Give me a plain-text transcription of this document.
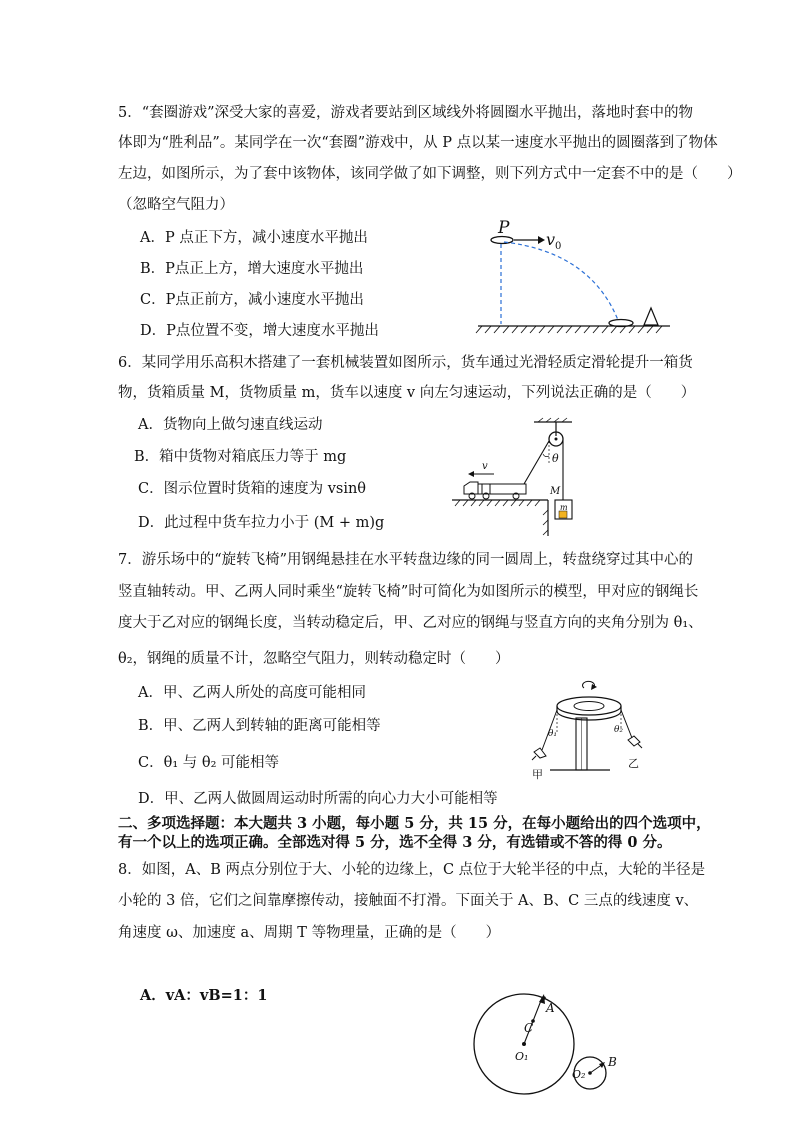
5．“套圈游戏”深受大家的喜爱，游戏者要站到区域线外将圆圈水平抛出，落地时套中的物
体即为“胜利品”。某同学在一次“套圈”游戏中，从 P 点以某一速度水平抛出的圆圈落到了物体
左边，如图所示，为了套中该物体，该同学做了如下调整，则下列方式中一定套不中的是（　　）
（忽略空气阻力）
A．P 点正下方，减小速度水平抛出
B．P点正上方，增大速度水平抛出
C．P点正前方，减小速度水平抛出
D．P点位置不变，增大速度水平抛出
P
$v_0$
6．某同学用乐高积木搭建了一套机械装置如图所示，货车通过光滑轻质定滑轮提升一箱货
物，货箱质量 M，货物质量 m，货车以速度 v 向左匀速运动，下列说法正确的是（　　）
A．货物向上做匀速直线运动
B．箱中货物对箱底压力等于 mg
C．图示位置时货箱的速度为 vsinθ
D．此过程中货车拉力小于 (M + m)g
θ
v
M
m
7．游乐场中的“旋转飞椅”用钢绳悬挂在水平转盘边缘的同一圆周上，转盘绕穿过其中心的
竖直轴转动。甲、乙两人同时乘坐“旋转飞椅”时可简化为如图所示的模型，甲对应的钢绳长
度大于乙对应的钢绳长度，当转动稳定后，甲、乙对应的钢绳与竖直方向的夹角分别为 θ₁、
θ₂，钢绳的质量不计，忽略空气阻力，则转动稳定时（　　）
A．甲、乙两人所处的高度可能相同
B．甲、乙两人到转轴的距离可能相等
C．θ₁ 与 θ₂ 可能相等
D．甲、乙两人做圆周运动时所需的向心力大小可能相等
θ₁
甲
θ₂
乙
二、多项选择题：本大题共 3 小题，每小题 5 分，共 15 分，在每小题给出的四个选项中，
有一个以上的选项正确。全部选对得 5 分，选不全得 3 分，有选错或不答的得 0 分。
8．如图，A、B 两点分别位于大、小轮的边缘上，C 点位于大轮半径的中点，大轮的半径是
小轮的 3 倍，它们之间靠摩擦传动，接触面不打滑。下面关于 A、B、C 三点的线速度 v、
角速度 ω、加速度 a、周期 T 等物理量，正确的是（　　）
A．vA：vB=1：1
A
C
O₁	B
O₂
